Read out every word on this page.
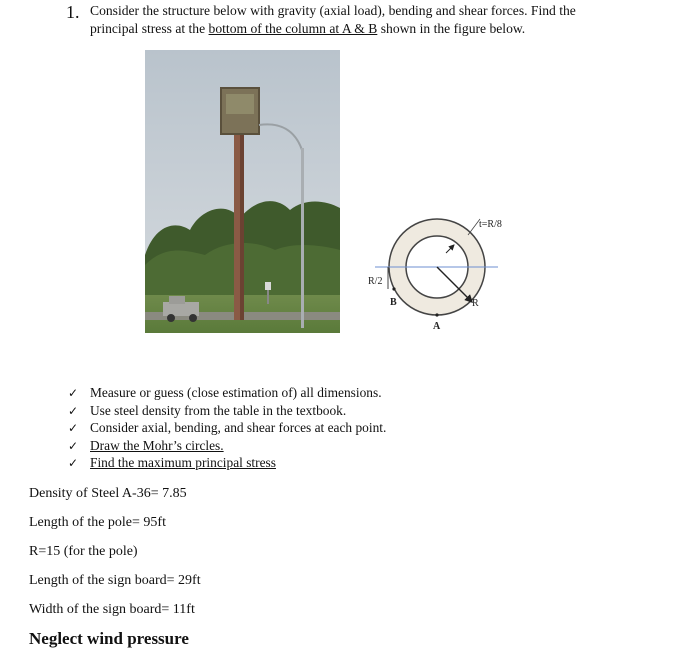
1. Consider the structure below with gravity (axial load), bending and shear forces. Find the
principal stress at the bottom of the column at A & B shown in the figure below.
t=R/8
R
R/2
B
A
✓ Measure or guess (close estimation of) all dimensions.
✓ Use steel density from the table in the textbook.
✓ Consider axial, bending, and shear forces at each point.
✓ Draw the Mohr’s circles.
✓ Find the maximum principal stress
Density of Steel A-36= 7.85
Length of the pole= 95ft
R=15 (for the pole)
Length of the sign board= 29ft
Width of the sign board= 11ft
Neglect wind pressure
